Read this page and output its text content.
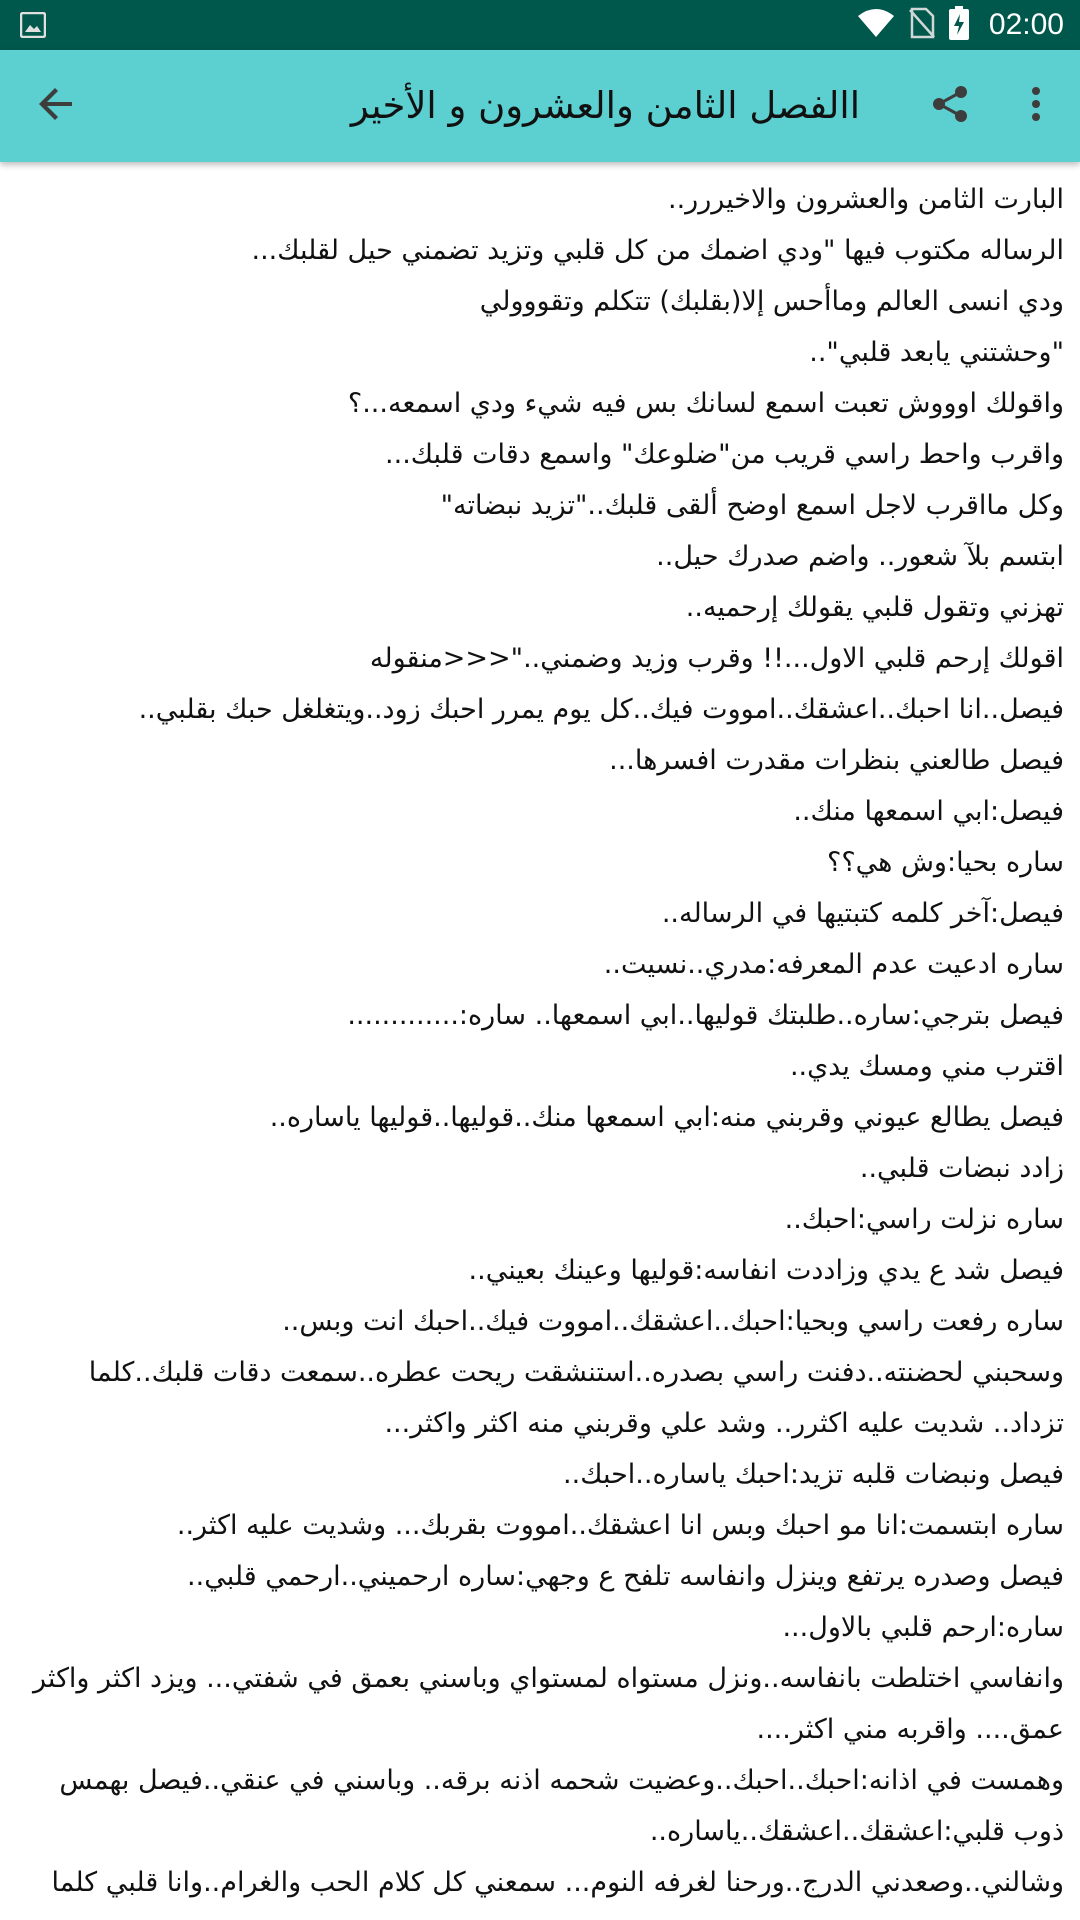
02:00
االفصل الثامن والعشرون و الأخير
البارت الثامن والعشرون والاخيررر..
الرساله مكتوب فيها "ودي اضمك من كل قلبي وتزيد تضمني حيل لقلبك...
ودي انسى العالم وماأحس إلا(بقلبك) تتكلم وتقووولي
"وحشتني يابعد قلبي"..
واقولك اوووش تعبت اسمع لسانك بس فيه شيء ودي اسمعه...؟
واقرب واحط راسي قريب من"ضلوعك" واسمع دقات قلبك...
وكل مااقرب لاجل اسمع اوضح ألقى قلبك.."تزيد نبضاته"
ابتسم بلآ شعور.. واضم صدرك حيل..
تهزني وتقول قلبي يقولك إرحميه..
اقولك إرحم قلبي الاول...!! وقرب وزيد وضمني.."<<<منقوله
فيصل..انا احبك..اعشقك..امووت فيك..كل يوم يمرر احبك زود..ويتغلغل حبك بقلبي..
فيصل طالعني بنظرات مقدرت افسرها...
فيصل:ابي اسمعها منك..
ساره بحيا:وش هي؟؟
فيصل:آخر كلمه كتبتيها في الرساله..
ساره ادعيت عدم المعرفه:مدري..نسيت..
فيصل بترجي:ساره..طلبتك قوليها..ابي اسمعها.. ساره:.............
اقترب مني ومسك يدي..
فيصل يطالع عيوني وقربني منه:ابي اسمعها منك..قوليها..قوليها ياساره..
زادد نبضات قلبي..
ساره نزلت راسي:احبك..
فيصل شد ع يدي وزاددت انفاسه:قوليها وعينك بعيني..
ساره رفعت راسي وبحيا:احبك..اعشقك..امووت فيك..احبك انت وبس..
وسحبني لحضنته..دفنت راسي بصدره..استنشقت ريحت عطره..سمعت دقات قلبك..كلما
تزداد.. شديت عليه اكثرر.. وشد علي وقربني منه اكثر واكثر...
فيصل ونبضات قلبه تزيد:احبك ياساره..احبك..
ساره ابتسمت:انا مو احبك وبس انا اعشقك..امووت بقربك... وشديت عليه اكثر..
فيصل وصدره يرتفع وينزل وانفاسه تلفح ع وجهي:ساره ارحميني..ارحمي قلبي..
ساره:ارحم قلبي بالاول...
وانفاسي اختلطت بانفاسه..ونزل مستواه لمستواي وباسني بعمق في شفتي... ويزد اكثر واكثر عمق.... واقربه مني اكثر....
وهمست في اذانه:احبك..احبك..وعضيت شحمه اذنه برقه.. وباسني في عنقي..فيصل بهمس ذوب قلبي:اعشقك..اعشقك..ياساره..
وشالني..وصعدني الدرج..ورحنا لغرفه النوم... سمعني كل كلام الحب والغرام..وانا قلبي كلما
